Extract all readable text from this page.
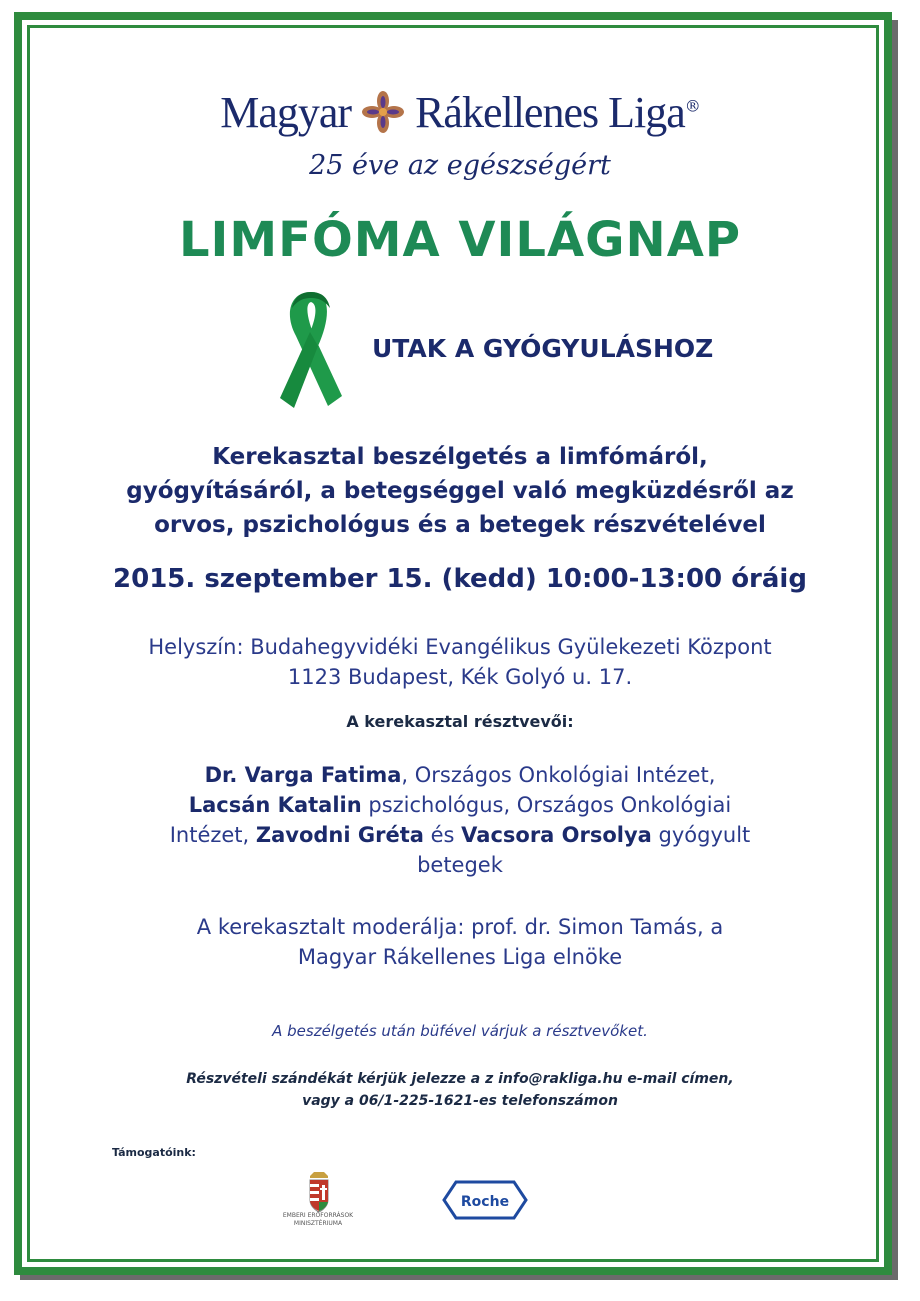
Magyar Rákellenes Liga®
25 éve az egészségért
LIMFÓMA VILÁGNAP
UTAK A GYÓGYULÁSHOZ
Kerekasztal beszélgetés a limfómáról,
gyógyításáról, a betegséggel való megküzdésről az
orvos, pszichológus és a betegek részvételével
2015. szeptember 15. (kedd) 10:00-13:00 óráig
Helyszín: Budahegyvidéki Evangélikus Gyülekezeti Központ
1123 Budapest, Kék Golyó u. 17.
A kerekasztal résztvevői:
Dr. Varga Fatima, Országos Onkológiai Intézet,
Lacsán Katalin pszichológus, Országos Onkológiai Intézet, Zavodni Gréta és Vacsora Orsolya gyógyult betegek
A kerekasztalt moderálja: prof. dr. Simon Tamás, a
Magyar Rákellenes Liga elnöke
A beszélgetés után büfével várjuk a résztvevőket.
Részvételi szándékát kérjük jelezze a z info@rakliga.hu e-mail címen,
vagy a 06/1-225-1621-es telefonszámon
Támogatóink:
EMBERI ERŐFORRÁSOK MINISZTÉRIUMA
Roche
